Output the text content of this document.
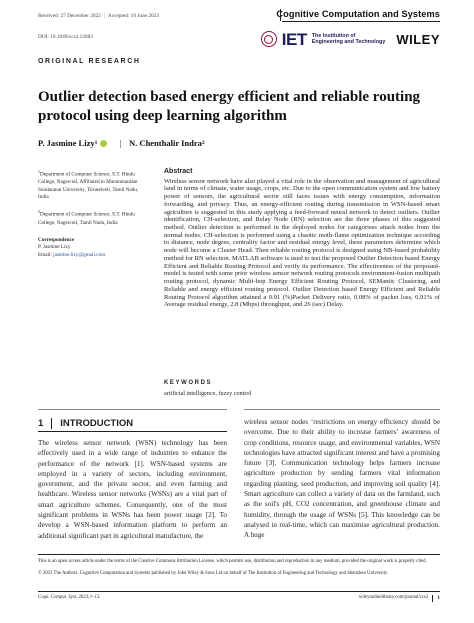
Received: 27 December 2022 | Accepted: 10 June 2023	Cognitive Computation and Systems
IET The Institution of
Engineering and Technology WILEY
DOI: 10.1049/ccs2.12083
ORIGINAL RESEARCH
Outlier detection based energy efficient and reliable routing protocol using deep learning algorithm
P. Jasmine Lizy 1	| N. Chenthalir Indra 2

$^1$Department of Computer Science, S.T. Hindu College, Nagercoil, Affiliated to Manonmaniam Sundaranar University, Tirunelveli, Tamil Nadu, India

$^2$Department of Computer Science, S.T. Hindu College, Nagercoil, Tamil Nadu, India

Correspondence
P. Jasmine Lizy
Email: jasmine.lizy@gmail.com
Abstract

Wireless sensor network have also played a vital role in the observation and management of agricultural land in terms of climate, water usage, crops, etc. Due to the open communication system and low battery power of sensors, the agricultural sector still faces issues with energy consumption, information forwarding, and privacy. Thus, an energy-efficient routing during transmission in WSN-based smart agriculture is suggested in this study applying a feed-forward neural network to detect outliers. Outlier identification, CH-selection, and Relay Node (RN) selection are the three phases of this suggested method. Outlier detection is performed in the deployed nodes for categorises attack nodes from the normal nodes. CH-selection is performed using a chaotic moth-flame optimization technique according to distance, node degree, centrality factor and residual energy level, these parameters determine which node will become a Cluster Head. Then reliable routing protocol is designed using NB-based probability method for RN selection. MATLAB software is used to test the proposed Outlier Detection based Energy Efficient and Reliable Routing Protocol and verify its performance. The effectiveness of the proposed-model is tested with some prior wireless sensor network routing protocols environment-fusion multipath routing protocol, dynamic Multi-hop Energy Efficient Routing Protocol, SEMantic Clustering, and Reliable and energy efficient routing protocol. Outlier Detection based Energy Efficient and Reliable Routing Protocol algorithm attained a 0.91 (%)Packet Delivery ratio, 0.08% of packet loss, 0.91% of Average residual energy, 2.8 (Mbps) throughput, and 26 (sec) Delay.

KEYWORDS
artificial intelligence, fuzzy control
1 INTRODUCTION

The wireless sensor network (WSN) technology has been effectively used in a wide range of industries to enhance the performance of the network [1]. WSN-based systems are employed in a variety of sectors, including environment, government, and the private sector, and even farming and healthcare. Wireless sensor networks (WSNs) are a vital part of smart agriculture schemes. Consequently, one of the most significant problems in WSNs has been power usage [2]. To develop a WSN-based information platform to perform an additional significant part in agricultural manufacture, the

wireless sensor nodes ‘restrictions on energy efficiency should be overcome. Due to their ability to increase farmers’ awareness of crop conditions, resource usage, and environmental variables, WSN technologies have attracted significant interest and have a promising future [3]. Communication technology helps farmers increase agriculture production by sending farmers vital information regarding planting, seed production, and improving soil quality [4]. Smart agriculture can collect a variety of data on the farmland, such as the soil's pH, CO2 concentration, and greenhouse climate and humidity, through the usage of WSNs [5]. This knowledge can be analysed in real-time, which can maximise agricultural production. A huge

This is an open access article under the terms of the Creative Commons Attribution License, which permits use, distribution and reproduction in any medium, provided the original work is properly cited.

© 2023 The Authors. Cognitive Computation and Systems published by John Wiley & Sons Ltd on behalf of The Institution of Engineering and Technology and Shenzhen University.

Cogn. Comput. Syst. 2023;1–13.	wileyonlinelibrary.com/journal/ccs2 1
